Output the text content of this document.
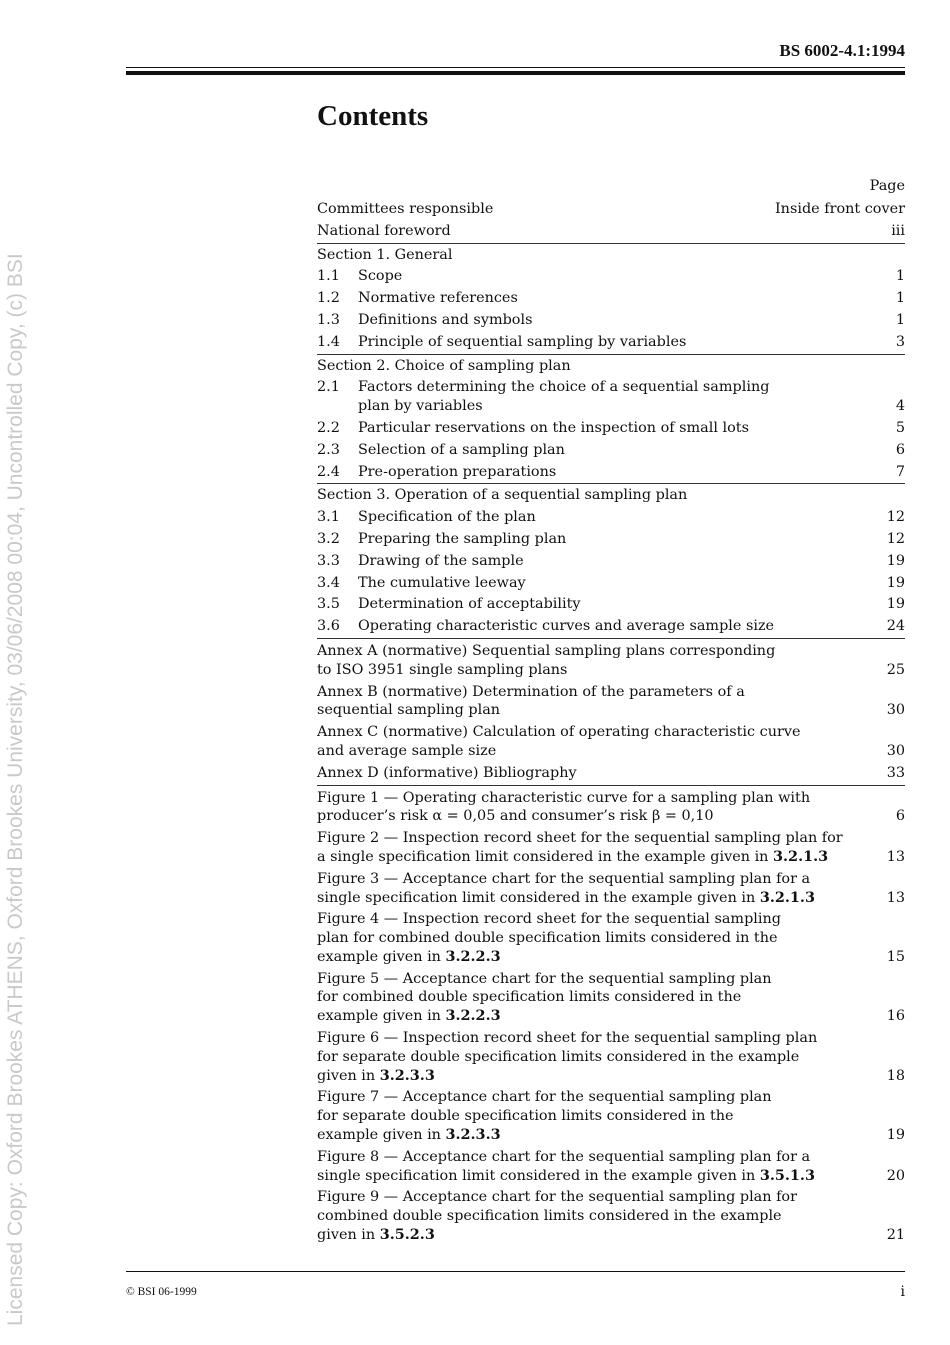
Licensed Copy: Oxford Brookes ATHENS, Oxford Brookes University, 03/06/2008 00:04, Uncontrolled Copy, (c) BSI
BS 6002-4.1:1994
Contents
Page
Committees responsible	Inside front cover
National foreword	iii
Section 1. General
1.1	Scope	1
1.2	Normative references	1
1.3	Definitions and symbols	1
1.4	Principle of sequential sampling by variables	3
Section 2. Choice of sampling plan
2.1	Factors determining the choice of a sequential sampling
plan by variables	4
2.2	Particular reservations on the inspection of small lots	5
2.3	Selection of a sampling plan	6
2.4	Pre-operation preparations	7
Section 3. Operation of a sequential sampling plan
3.1	Specification of the plan	12
3.2	Preparing the sampling plan	12
3.3	Drawing of the sample	19
3.4	The cumulative leeway	19
3.5	Determination of acceptability	19
3.6	Operating characteristic curves and average sample size	24
Annex A (normative) Sequential sampling plans corresponding
to ISO 3951 single sampling plans	25
Annex B (normative) Determination of the parameters of a
sequential sampling plan	30
Annex C (normative) Calculation of operating characteristic curve
and average sample size	30
Annex D (informative) Bibliography	33
Figure 1 — Operating characteristic curve for a sampling plan with
producer’s risk α = 0,05 and consumer’s risk β = 0,10	6
Figure 2 — Inspection record sheet for the sequential sampling plan for
a single specification limit considered in the example given in 3.2.1.3	13
Figure 3 — Acceptance chart for the sequential sampling plan for a
single specification limit considered in the example given in 3.2.1.3	13
Figure 4 — Inspection record sheet for the sequential sampling
plan for combined double specification limits considered in the
example given in 3.2.2.3	15
Figure 5 — Acceptance chart for the sequential sampling plan
for combined double specification limits considered in the
example given in 3.2.2.3	16
Figure 6 — Inspection record sheet for the sequential sampling plan
for separate double specification limits considered in the example
given in 3.2.3.3	18
Figure 7 — Acceptance chart for the sequential sampling plan
for separate double specification limits considered in the
example given in 3.2.3.3	19
Figure 8 — Acceptance chart for the sequential sampling plan for a
single specification limit considered in the example given in 3.5.1.3	20
Figure 9 — Acceptance chart for the sequential sampling plan for
combined double specification limits considered in the example
given in 3.5.2.3	21
© BSI 06-1999	i
